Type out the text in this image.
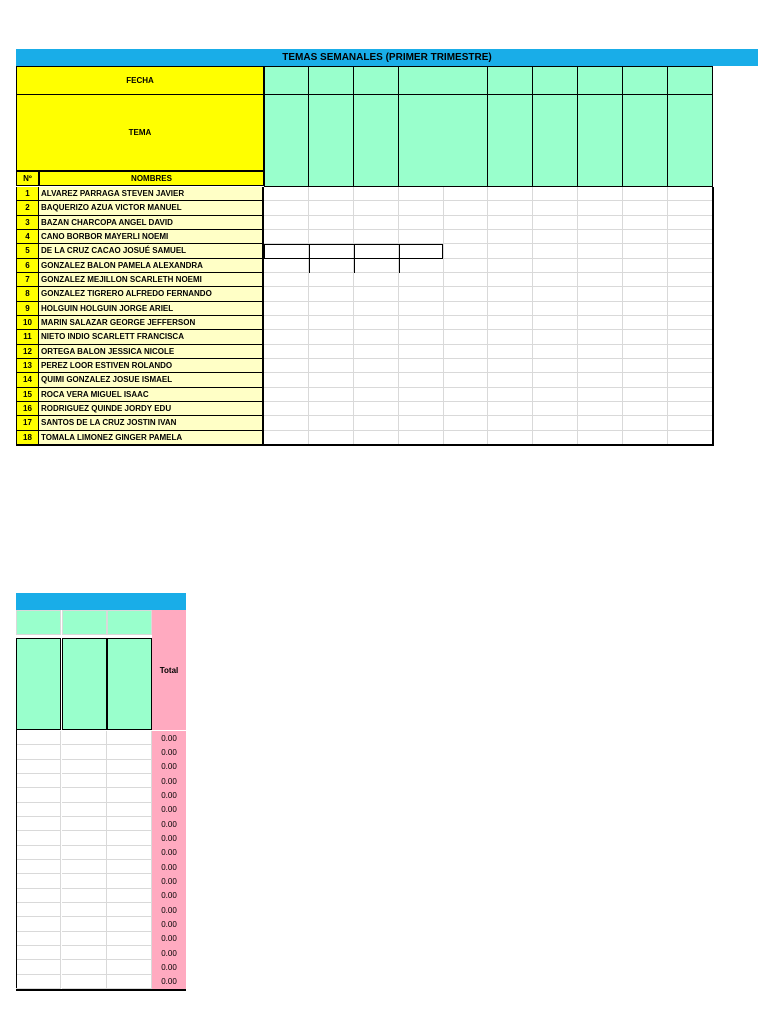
TEMAS SEMANALES (PRIMER TRIMESTRE)
FECHA
TEMA
Nº	NOMBRES
1	ALVAREZ PARRAGA STEVEN JAVIER
2	BAQUERIZO AZUA VICTOR MANUEL
3	BAZAN CHARCOPA ANGEL DAVID
4	CANO BORBOR MAYERLI NOEMI
5	DE LA CRUZ CACAO JOSUÉ SAMUEL
6	GONZALEZ BALON PAMELA ALEXANDRA
7	GONZALEZ MEJILLON SCARLETH NOEMI
8	GONZALEZ TIGRERO ALFREDO FERNANDO
9	HOLGUIN HOLGUIN JORGE ARIEL
10	MARIN SALAZAR GEORGE JEFFERSON
11	NIETO INDIO SCARLETT FRANCISCA
12	ORTEGA BALON JESSICA NICOLE
13	PEREZ LOOR ESTIVEN ROLANDO
14	QUIMI GONZALEZ JOSUE ISMAEL
15	ROCA VERA MIGUEL ISAAC
16	RODRIGUEZ QUINDE JORDY EDU
17	SANTOS DE LA CRUZ JOSTIN IVAN
18	TOMALA LIMONEZ GINGER PAMELA
Total
0.00
0.00
0.00
0.00
0.00
0.00
0.00
0.00
0.00
0.00
0.00
0.00
0.00
0.00
0.00
0.00
0.00
0.00
